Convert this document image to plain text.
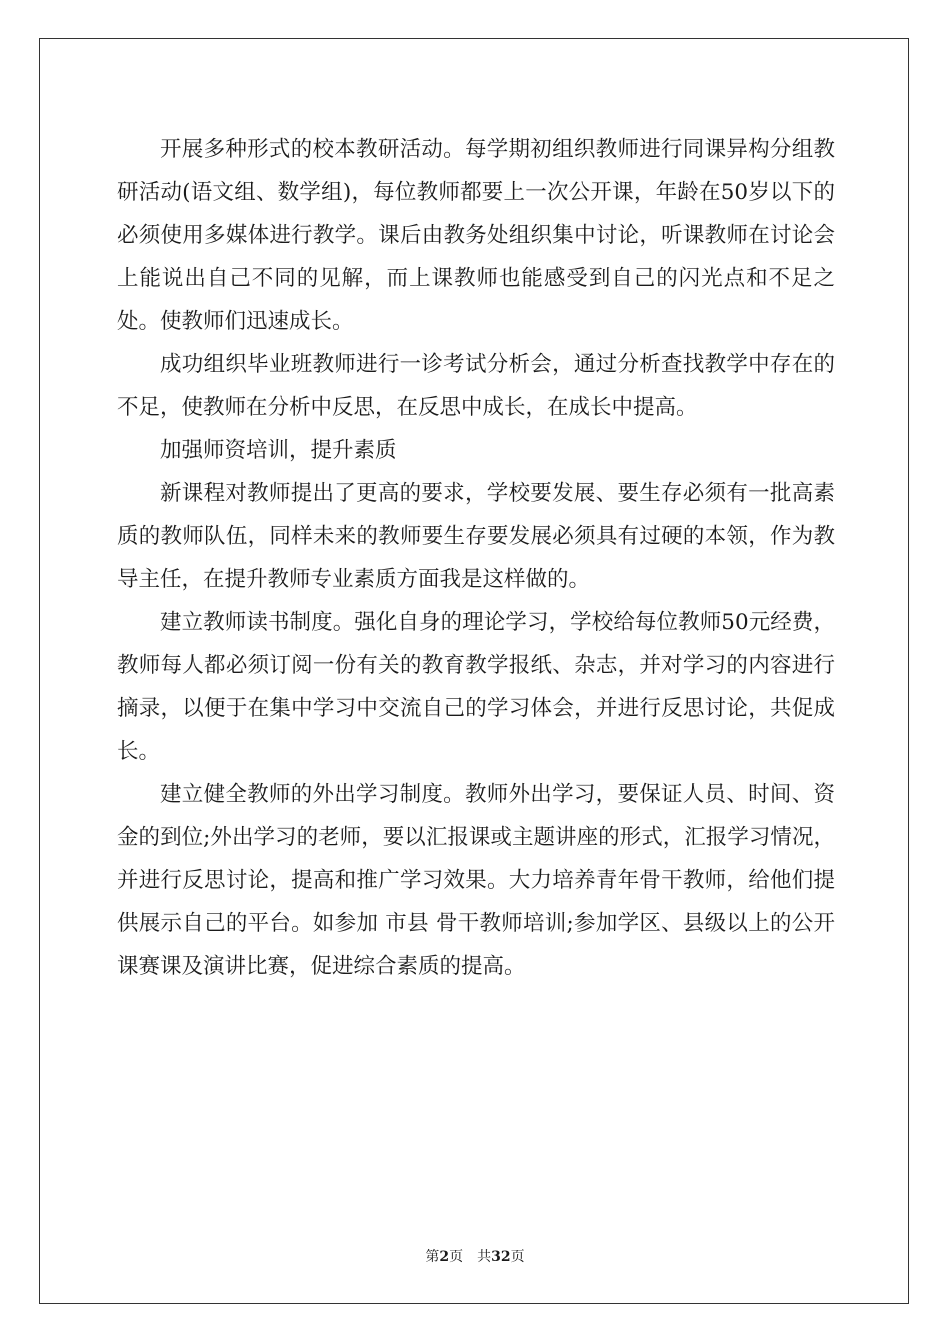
开展多种形式的校本教研活动。每学期初组织教师进行同课异构分组教研活动(语文组、数学组)，每位教师都要上一次公开课，年龄在50岁以下的必须使用多媒体进行教学。课后由教务处组织集中讨论，听课教师在讨论会上能说出自己不同的见解，而上课教师也能感受到自己的闪光点和不足之处。使教师们迅速成长。

成功组织毕业班教师进行一诊考试分析会，通过分析查找教学中存在的不足，使教师在分析中反思，在反思中成长，在成长中提高。

加强师资培训，提升素质

新课程对教师提出了更高的要求，学校要发展、要生存必须有一批高素质的教师队伍，同样未来的教师要生存要发展必须具有过硬的本领，作为教导主任，在提升教师专业素质方面我是这样做的。

建立教师读书制度。强化自身的理论学习，学校给每位教师50元经费，教师每人都必须订阅一份有关的教育教学报纸、杂志，并对学习的内容进行摘录，以便于在集中学习中交流自己的学习体会，并进行反思讨论，共促成长。

建立健全教师的外出学习制度。教师外出学习，要保证人员、时间、资金的到位;外出学习的老师，要以汇报课或主题讲座的形式，汇报学习情况，并进行反思讨论，提高和推广学习效果。大力培养青年骨干教师，给他们提供展示自己的平台。如参加 市县 骨干教师培训;参加学区、县级以上的公开课赛课及演讲比赛，促进综合素质的提高。

第2页 共32页
